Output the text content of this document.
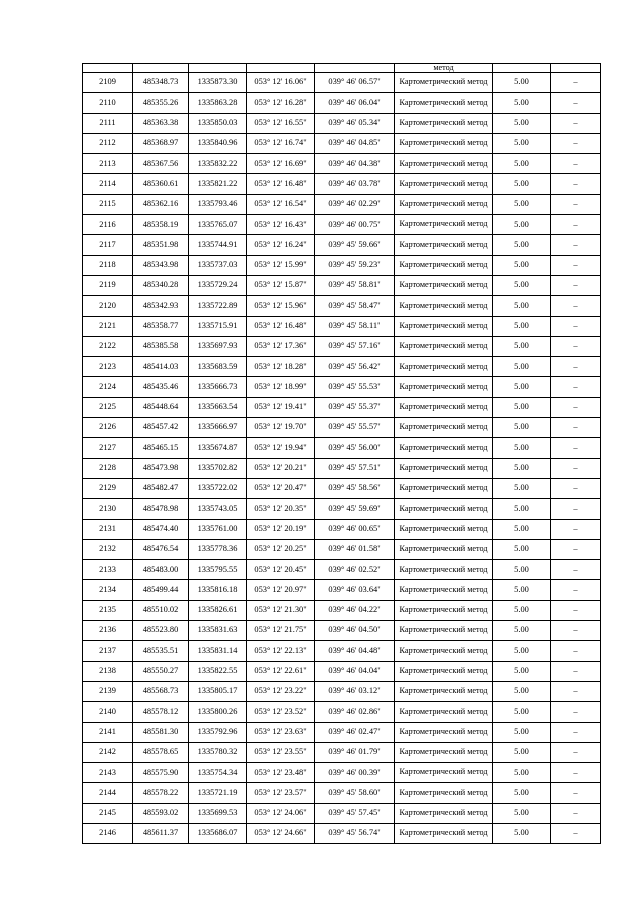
					метод		
2109	485348.73	1335873.30	053° 12' 16.06"	039° 46' 06.57"	Картометрический метод	5.00	–
2110	485355.26	1335863.28	053° 12' 16.28"	039° 46' 06.04"	Картометрический метод	5.00	–
2111	485363.38	1335850.03	053° 12' 16.55"	039° 46' 05.34"	Картометрический метод	5.00	–
2112	485368.97	1335840.96	053° 12' 16.74"	039° 46' 04.85"	Картометрический метод	5.00	–
2113	485367.56	1335832.22	053° 12' 16.69"	039° 46' 04.38"	Картометрический метод	5.00	–
2114	485360.61	1335821.22	053° 12' 16.48"	039° 46' 03.78"	Картометрический метод	5.00	–
2115	485362.16	1335793.46	053° 12' 16.54"	039° 46' 02.29"	Картометрический метод	5.00	–
2116	485358.19	1335765.07	053° 12' 16.43"	039° 46' 00.75"	Картометрический метод	5.00	–
2117	485351.98	1335744.91	053° 12' 16.24"	039° 45' 59.66"	Картометрический метод	5.00	–
2118	485343.98	1335737.03	053° 12' 15.99"	039° 45' 59.23"	Картометрический метод	5.00	–
2119	485340.28	1335729.24	053° 12' 15.87"	039° 45' 58.81"	Картометрический метод	5.00	–
2120	485342.93	1335722.89	053° 12' 15.96"	039° 45' 58.47"	Картометрический метод	5.00	–
2121	485358.77	1335715.91	053° 12' 16.48"	039° 45' 58.11"	Картометрический метод	5.00	–
2122	485385.58	1335697.93	053° 12' 17.36"	039° 45' 57.16"	Картометрический метод	5.00	–
2123	485414.03	1335683.59	053° 12' 18.28"	039° 45' 56.42"	Картометрический метод	5.00	–
2124	485435.46	1335666.73	053° 12' 18.99"	039° 45' 55.53"	Картометрический метод	5.00	–
2125	485448.64	1335663.54	053° 12' 19.41"	039° 45' 55.37"	Картометрический метод	5.00	–
2126	485457.42	1335666.97	053° 12' 19.70"	039° 45' 55.57"	Картометрический метод	5.00	–
2127	485465.15	1335674.87	053° 12' 19.94"	039° 45' 56.00"	Картометрический метод	5.00	–
2128	485473.98	1335702.82	053° 12' 20.21"	039° 45' 57.51"	Картометрический метод	5.00	–
2129	485482.47	1335722.02	053° 12' 20.47"	039° 45' 58.56"	Картометрический метод	5.00	–
2130	485478.98	1335743.05	053° 12' 20.35"	039° 45' 59.69"	Картометрический метод	5.00	–
2131	485474.40	1335761.00	053° 12' 20.19"	039° 46' 00.65"	Картометрический метод	5.00	–
2132	485476.54	1335778.36	053° 12' 20.25"	039° 46' 01.58"	Картометрический метод	5.00	–
2133	485483.00	1335795.55	053° 12' 20.45"	039° 46' 02.52"	Картометрический метод	5.00	–
2134	485499.44	1335816.18	053° 12' 20.97"	039° 46' 03.64"	Картометрический метод	5.00	–
2135	485510.02	1335826.61	053° 12' 21.30"	039° 46' 04.22"	Картометрический метод	5.00	–
2136	485523.80	1335831.63	053° 12' 21.75"	039° 46' 04.50"	Картометрический метод	5.00	–
2137	485535.51	1335831.14	053° 12' 22.13"	039° 46' 04.48"	Картометрический метод	5.00	–
2138	485550.27	1335822.55	053° 12' 22.61"	039° 46' 04.04"	Картометрический метод	5.00	–
2139	485568.73	1335805.17	053° 12' 23.22"	039° 46' 03.12"	Картометрический метод	5.00	–
2140	485578.12	1335800.26	053° 12' 23.52"	039° 46' 02.86"	Картометрический метод	5.00	–
2141	485581.30	1335792.96	053° 12' 23.63"	039° 46' 02.47"	Картометрический метод	5.00	–
2142	485578.65	1335780.32	053° 12' 23.55"	039° 46' 01.79"	Картометрический метод	5.00	–
2143	485575.90	1335754.34	053° 12' 23.48"	039° 46' 00.39"	Картометрический метод	5.00	–
2144	485578.22	1335721.19	053° 12' 23.57"	039° 45' 58.60"	Картометрический метод	5.00	–
2145	485593.02	1335699.53	053° 12' 24.06"	039° 45' 57.45"	Картометрический метод	5.00	–
2146	485611.37	1335686.07	053° 12' 24.66"	039° 45' 56.74"	Картометрический метод	5.00	–
